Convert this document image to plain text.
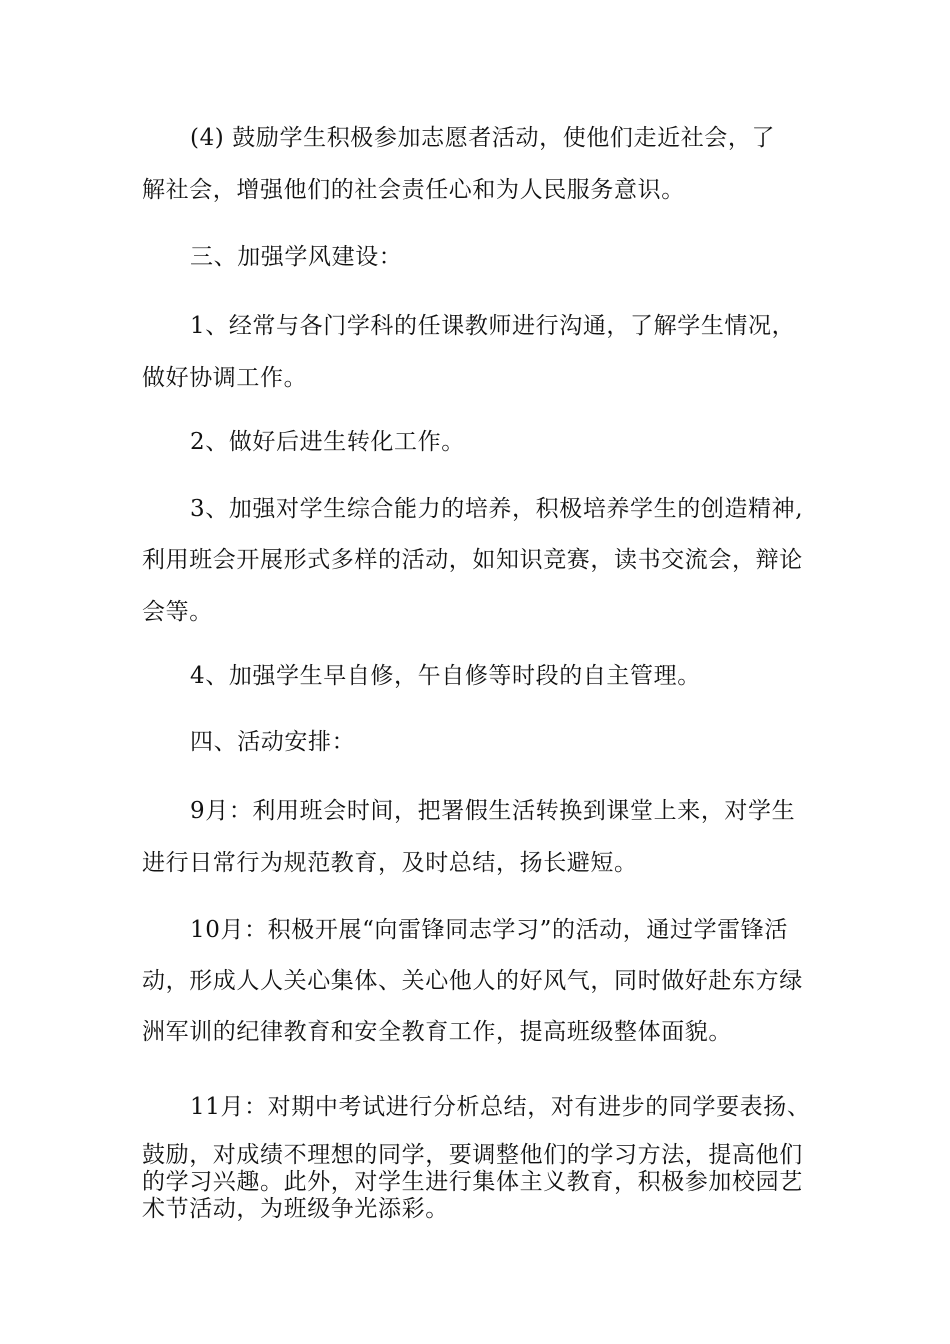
(4) 鼓励学生积极参加志愿者活动，使他们走近社会，了
解社会，增强他们的社会责任心和为人民服务意识。
三、加强学风建设：
1、经常与各门学科的任课教师进行沟通，了解学生情况，
做好协调工作。
2、做好后进生转化工作。
3、加强对学生综合能力的培养，积极培养学生的创造精神,
利用班会开展形式多样的活动，如知识竞赛，读书交流会，辩论
会等。
4、加强学生早自修，午自修等时段的自主管理。
四、活动安排：
9月：利用班会时间，把署假生活转换到课堂上来，对学生
进行日常行为规范教育，及时总结，扬长避短。
10月：积极开展“向雷锋同志学习”的活动，通过学雷锋活
动，形成人人关心集体、关心他人的好风气，同时做好赴东方绿
洲军训的纪律教育和安全教育工作，提高班级整体面貌。
11月：对期中考试进行分析总结，对有进步的同学要表扬、
鼓励，对成绩不理想的同学，要调整他们的学习方法，提高他们
的学习兴趣。此外，对学生进行集体主义教育，积极参加校园艺
术节活动，为班级争光添彩。
